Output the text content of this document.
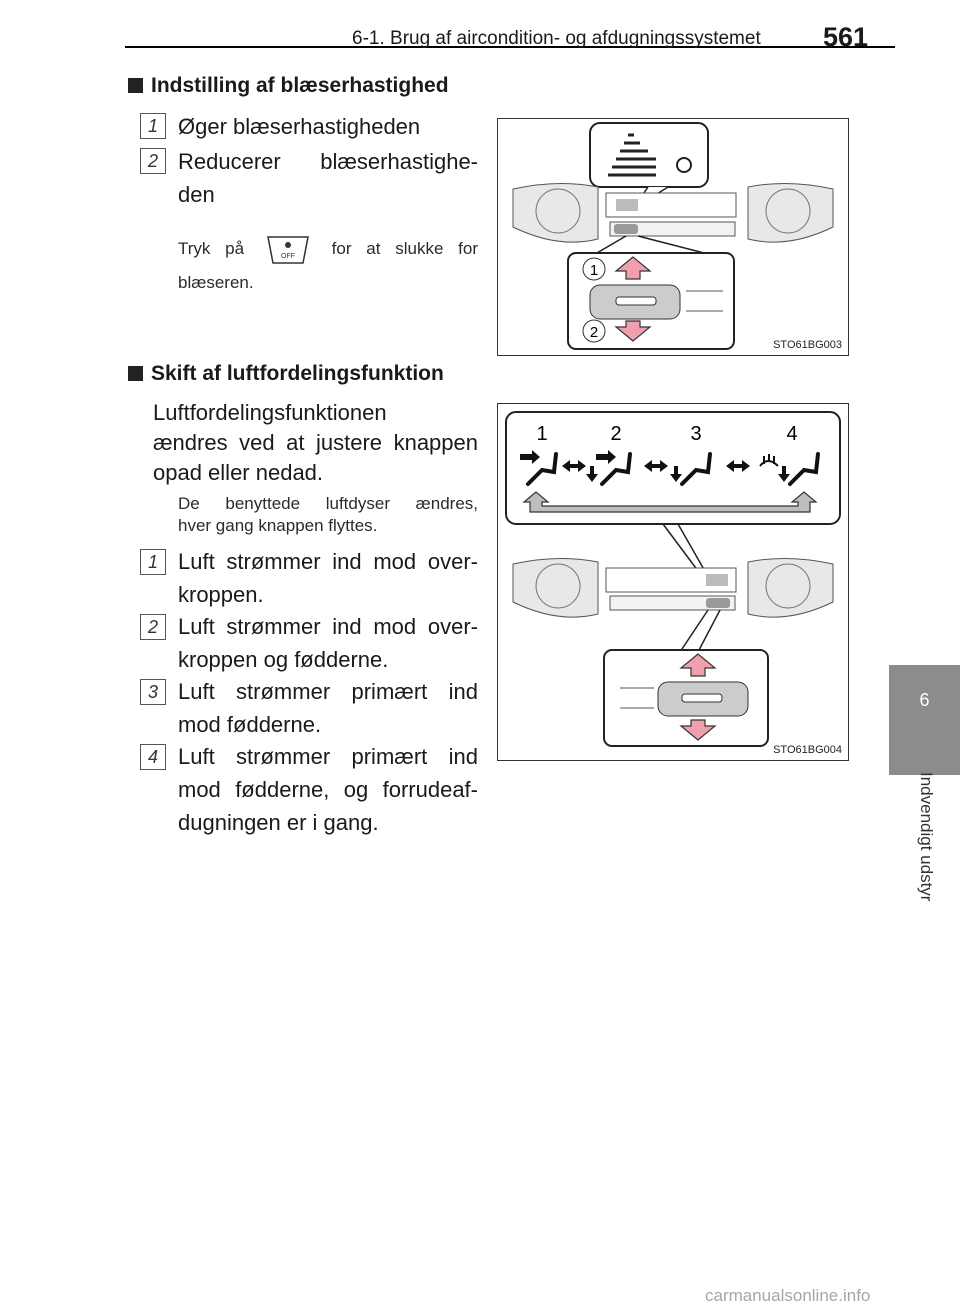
6-1. Brug af aircondition- og afdugningssystemet 561
6
Indvendigt udstyr
Indstilling af blæserhastighed
1 Øger blæserhastigheden
2 Reducerer blæserhastighe-
den
Tryk på	OFF for at slukke for
blæseren.
1
2
STO61BG003
Skift af luftfordelingsfunktion
Luftfordelingsfunktionen
ændres ved at justere knappen
opad eller nedad.
De benyttede luftdyser ændres,
hver gang knappen flyttes.
1 Luft strømmer ind mod over-
kroppen.
2 Luft strømmer ind mod over-
kroppen og fødderne.
3 Luft strømmer primært ind
mod fødderne.
4 Luft strømmer primært ind
mod fødderne, og forrudeaf-
dugningen er i gang.
1	2	3	4
STO61BG004
carmanualsonline.info
